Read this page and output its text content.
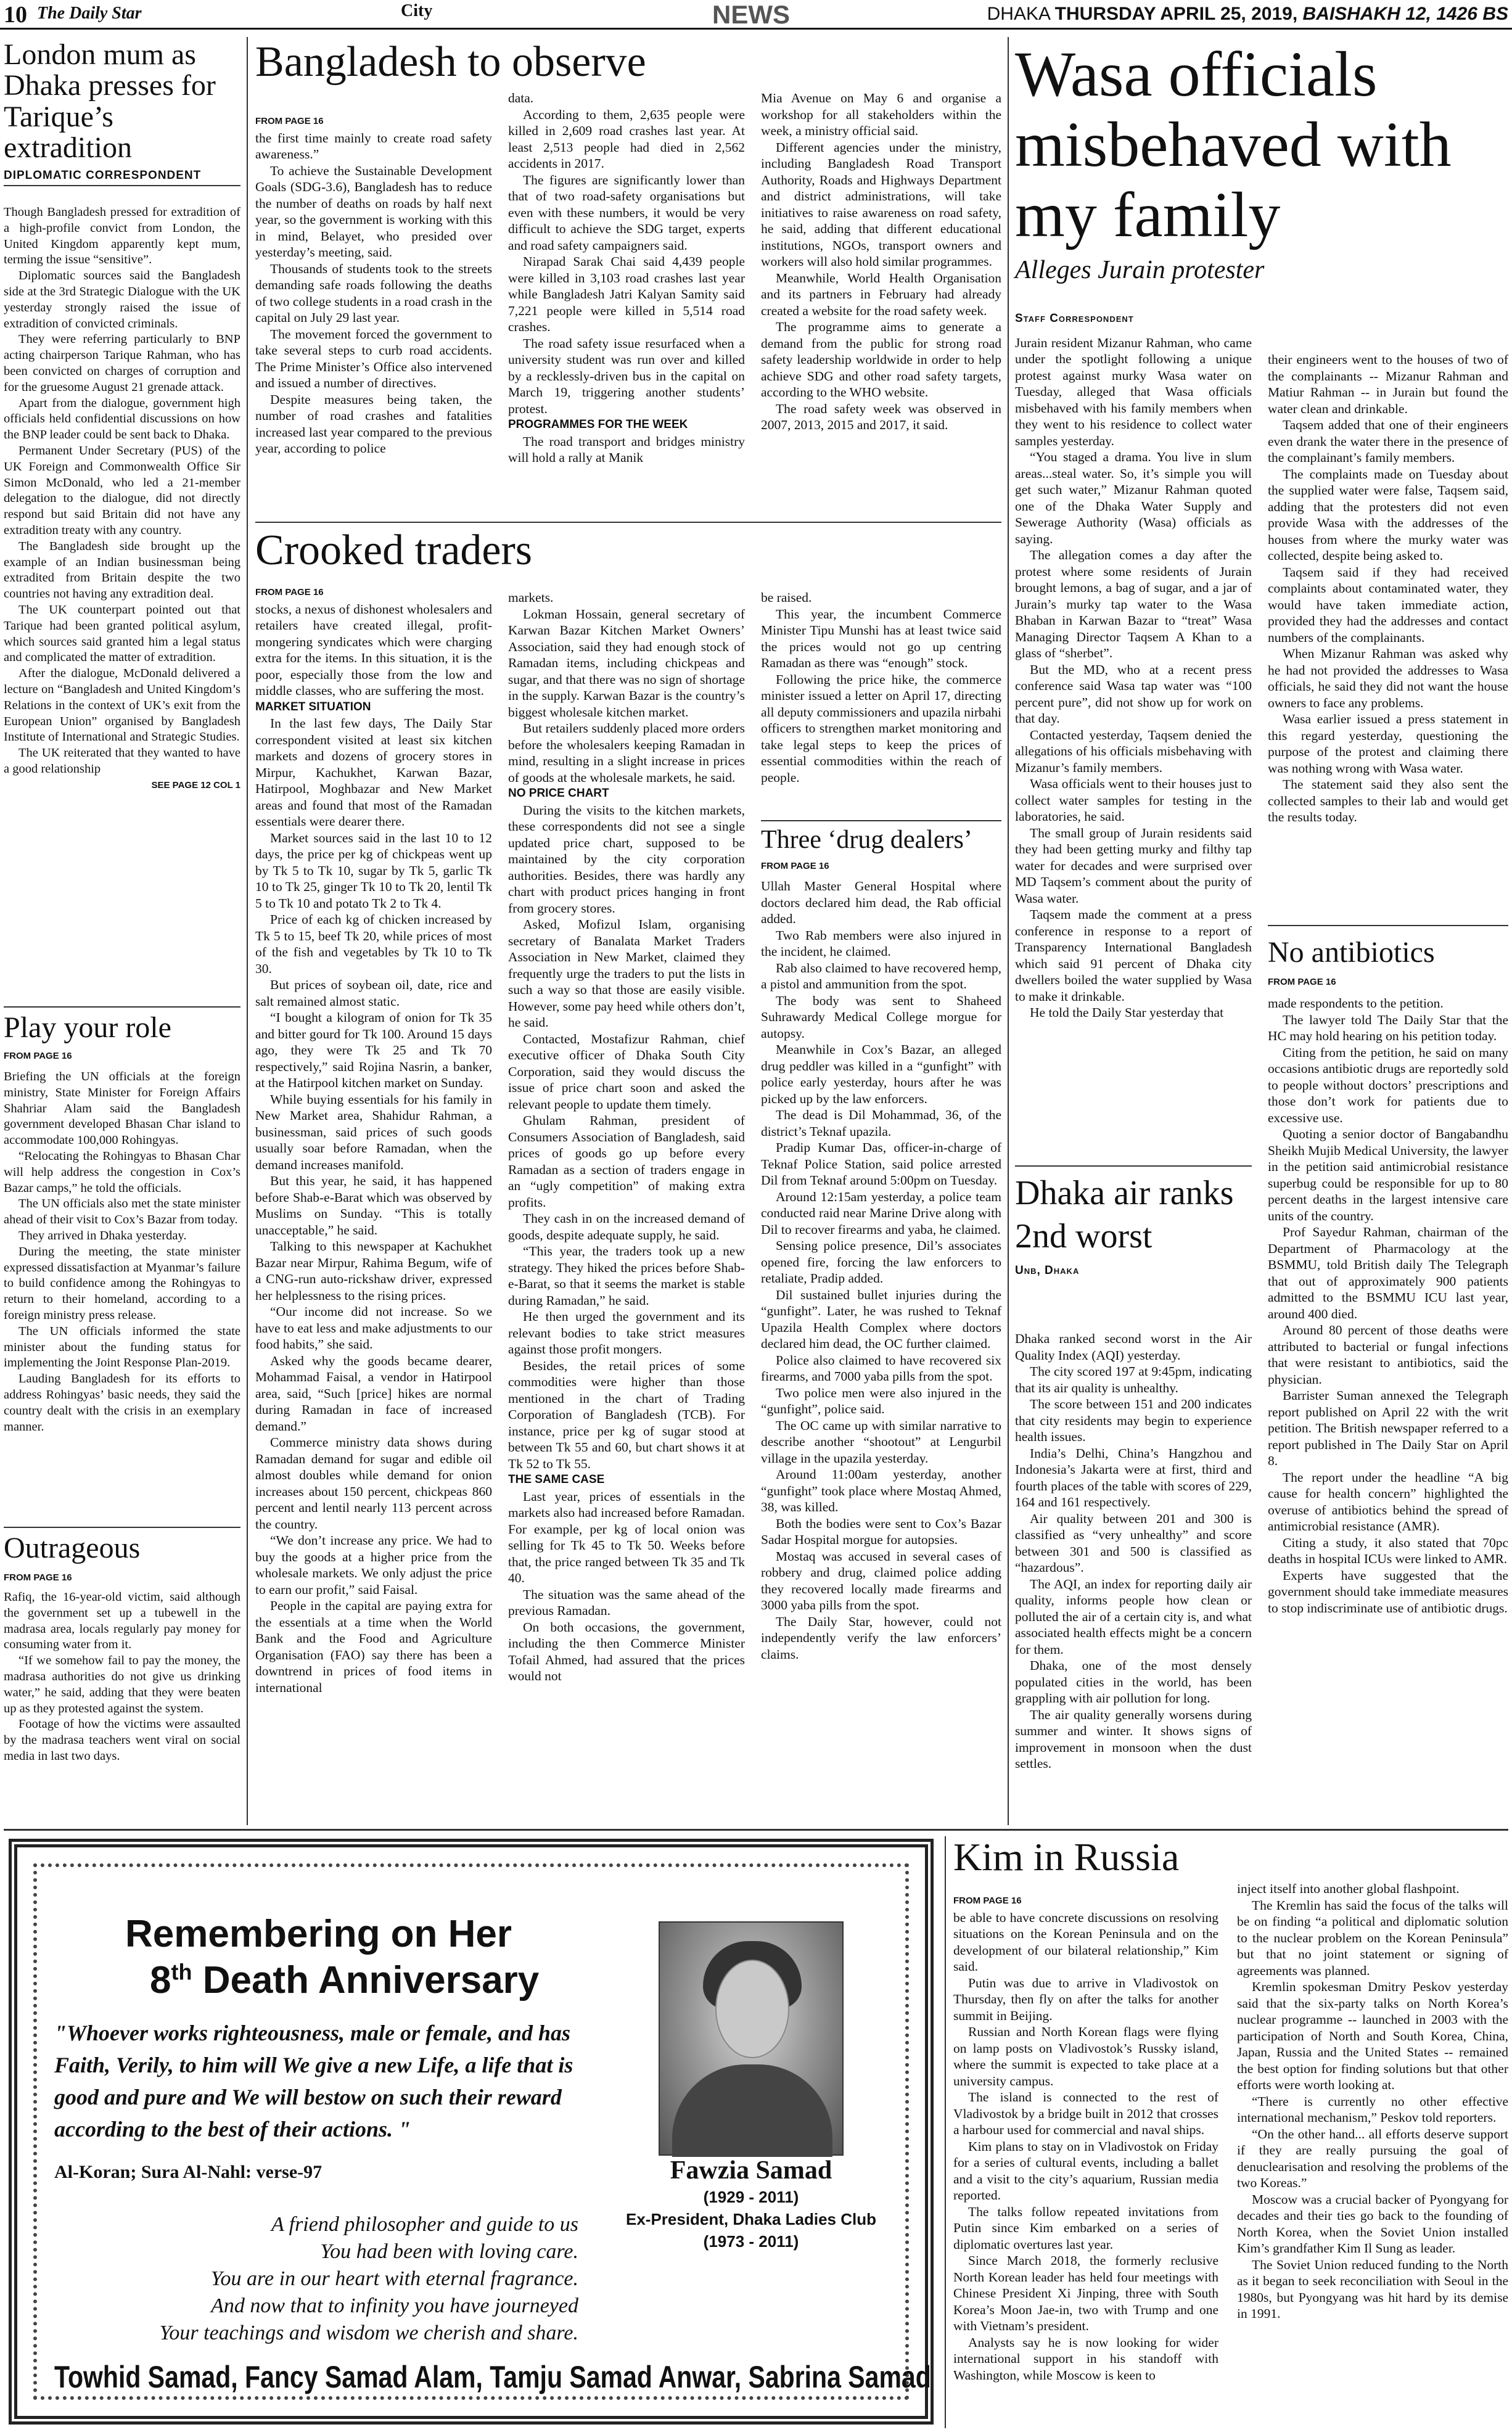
10 The Daily Star	City	NEWS	DHAKA THURSDAY APRIL 25, 2019, BAISHAKH 12, 1426 BS
London mum as Dhaka presses for Tarique’s extradition
DIPLOMATIC CORRESPONDENT

Though Bangladesh pressed for extradition of a high-profile convict from London, the United Kingdom apparently kept mum, terming the issue “sensitive”.

Diplomatic sources said the Bangladesh side at the 3rd Strategic Dialogue with the UK yesterday strongly raised the issue of extradition of convicted criminals.

They were referring particularly to BNP acting chairperson Tarique Rahman, who has been convicted on charges of corruption and for the gruesome August 21 grenade attack.

Apart from the dialogue, government high officials held confidential discussions on how the BNP leader could be sent back to Dhaka.

Permanent Under Secretary (PUS) of the UK Foreign and Commonwealth Office Sir Simon McDonald, who led a 21-member delegation to the dialogue, did not directly respond but said Britain did not have any extradition treaty with any country.

The Bangladesh side brought up the example of an Indian businessman being extradited from Britain despite the two countries not having any extradition deal.

The UK counterpart pointed out that Tarique had been granted political asylum, which sources said granted him a legal status and complicated the matter of extradition.

After the dialogue, McDonald delivered a lecture on “Bangladesh and United Kingdom’s Relations in the context of UK’s exit from the European Union” organised by Bangladesh Institute of International and Strategic Studies.

The UK reiterated that they wanted to have a good relationship

SEE PAGE 12 COL 1
Play your role
FROM PAGE 16

Briefing the UN officials at the foreign ministry, State Minister for Foreign Affairs Shahriar Alam said the Bangladesh government developed Bhasan Char island to accommodate 100,000 Rohingyas.

“Relocating the Rohingyas to Bhasan Char will help address the congestion in Cox’s Bazar camps,” he told the officials.

The UN officials also met the state minister ahead of their visit to Cox’s Bazar from today.

They arrived in Dhaka yesterday.

During the meeting, the state minister expressed dissatisfaction at Myanmar’s failure to build confidence among the Rohingyas to return to their homeland, according to a foreign ministry press release.

The UN officials informed the state minister about the funding status for implementing the Joint Response Plan-2019.

Lauding Bangladesh for its efforts to address Rohingyas’ basic needs, they said the country dealt with the crisis in an exemplary manner.

Outrageous
FROM PAGE 16

Rafiq, the 16-year-old victim, said although the government set up a tubewell in the madrasa area, locals regularly pay money for consuming water from it.

“If we somehow fail to pay the money, the madrasa authorities do not give us drinking water,” he said, adding that they were beaten up as they protested against the system.

Footage of how the victims were assaulted by the madrasa teachers went viral on social media in last two days.

Bangladesh to observe
FROM PAGE 16

the first time mainly to create road safety awareness.”

To achieve the Sustainable Development Goals (SDG-3.6), Bangladesh has to reduce the number of deaths on roads by half next year, so the government is working with this in mind, Belayet, who presided over yesterday’s meeting, said.

Thousands of students took to the streets demanding safe roads following the deaths of two college students in a road crash in the capital on July 29 last year.

The movement forced the government to take several steps to curb road accidents. The Prime Minister’s Office also intervened and issued a number of directives.

Despite measures being taken, the number of road crashes and fatalities increased last year compared to the previous year, according to police

data.

According to them, 2,635 people were killed in 2,609 road crashes last year. At least 2,513 people had died in 2,562 accidents in 2017.

The figures are significantly lower than that of two road-safety organisations but even with these numbers, it would be very difficult to achieve the SDG target, experts and road safety campaigners said.

Nirapad Sarak Chai said 4,439 people were killed in 3,103 road crashes last year while Bangladesh Jatri Kalyan Samity said 7,221 people were killed in 5,514 road crashes.

The road safety issue resurfaced when a university student was run over and killed by a recklessly-driven bus in the capital on March 19, triggering another students’ protest.

PROGRAMMES FOR THE WEEK

The road transport and bridges ministry will hold a rally at Manik

Mia Avenue on May 6 and organise a workshop for all stakeholders within the week, a ministry official said.

Different agencies under the ministry, including Bangladesh Road Transport Authority, Roads and Highways Department and district administrations, will take initiatives to raise awareness on road safety, he said, adding that different educational institutions, NGOs, transport owners and workers will also hold similar programmes.

Meanwhile, World Health Organisation and its partners in February had already created a website for the road safety week.

The programme aims to generate a demand from the public for strong road safety leadership worldwide in order to help achieve SDG and other road safety targets, according to the WHO website.

The road safety week was observed in 2007, 2013, 2015 and 2017, it said.

Crooked traders
FROM PAGE 16

stocks, a nexus of dishonest wholesalers and retailers have created illegal, profit-mongering syndicates which were charging extra for the items. In this situation, it is the poor, especially those from the low and middle classes, who are suffering the most.

MARKET SITUATION

In the last few days, The Daily Star correspondent visited at least six kitchen markets and dozens of grocery stores in Mirpur, Kachukhet, Karwan Bazar, Hatirpool, Moghbazar and New Market areas and found that most of the Ramadan essentials were dearer there.

Market sources said in the last 10 to 12 days, the price per kg of chickpeas went up by Tk 5 to Tk 10, sugar by Tk 5, garlic Tk 10 to Tk 25, ginger Tk 10 to Tk 20, lentil Tk 5 to Tk 10 and potato Tk 2 to Tk 4.

Price of each kg of chicken increased by Tk 5 to 15, beef Tk 20, while prices of most of the fish and vegetables by Tk 10 to Tk 30.

But prices of soybean oil, date, rice and salt remained almost static.

“I bought a kilogram of onion for Tk 35 and bitter gourd for Tk 100. Around 15 days ago, they were Tk 25 and Tk 70 respectively,” said Rojina Nasrin, a banker, at the Hatirpool kitchen market on Sunday.

While buying essentials for his family in New Market area, Shahidur Rahman, a businessman, said prices of such goods usually soar before Ramadan, when the demand increases manifold.

But this year, he said, it has happened before Shab-e-Barat which was observed by Muslims on Sunday. “This is totally unacceptable,” he said.

Talking to this newspaper at Kachukhet Bazar near Mirpur, Rahima Begum, wife of a CNG-run auto-rickshaw driver, expressed her helplessness to the rising prices.

“Our income did not increase. So we have to eat less and make adjustments to our food habits,” she said.

Asked why the goods became dearer, Mohammad Faisal, a vendor in Hatirpool area, said, “Such [price] hikes are normal during Ramadan in face of increased demand.”

Commerce ministry data shows during Ramadan demand for sugar and edible oil almost doubles while demand for onion increases about 150 percent, chickpeas 860 percent and lentil nearly 113 percent across the country.

“We don’t increase any price. We had to buy the goods at a higher price from the wholesale markets. We only adjust the price to earn our profit,” said Faisal.

People in the capital are paying extra for the essentials at a time when the World Bank and the Food and Agriculture Organisation (FAO) say there has been a downtrend in prices of food items in international

markets.

Lokman Hossain, general secretary of Karwan Bazar Kitchen Market Owners’ Association, said they had enough stock of Ramadan items, including chickpeas and sugar, and that there was no sign of shortage in the supply. Karwan Bazar is the country’s biggest wholesale kitchen market.

But retailers suddenly placed more orders before the wholesalers keeping Ramadan in mind, resulting in a slight increase in prices of goods at the wholesale markets, he said.

NO PRICE CHART

During the visits to the kitchen markets, these correspondents did not see a single updated price chart, supposed to be maintained by the city corporation authorities. Besides, there was hardly any chart with product prices hanging in front from grocery stores.

Asked, Mofizul Islam, organising secretary of Banalata Market Traders Association in New Market, claimed they frequently urge the traders to put the lists in such a way so that those are easily visible. However, some pay heed while others don’t, he said.

Contacted, Mostafizur Rahman, chief executive officer of Dhaka South City Corporation, said they would discuss the issue of price chart soon and asked the relevant people to update them timely.

Ghulam Rahman, president of Consumers Association of Bangladesh, said prices of goods go up before every Ramadan as a section of traders engage in an “ugly competition” of making extra profits.

They cash in on the increased demand of goods, despite adequate supply, he said.

“This year, the traders took up a new strategy. They hiked the prices before Shab-e-Barat, so that it seems the market is stable during Ramadan,” he said.

He then urged the government and its relevant bodies to take strict measures against those profit mongers.

Besides, the retail prices of some commodities were higher than those mentioned in the chart of Trading Corporation of Bangladesh (TCB). For instance, price per kg of sugar stood at between Tk 55 and 60, but chart shows it at Tk 52 to Tk 55.

THE SAME CASE

Last year, prices of essentials in the markets also had increased before Ramadan. For example, per kg of local onion was selling for Tk 45 to Tk 50. Weeks before that, the price ranged between Tk 35 and Tk 40.

The situation was the same ahead of the previous Ramadan.

On both occasions, the government, including the then Commerce Minister Tofail Ahmed, had assured that the prices would not

be raised.

This year, the incumbent Commerce Minister Tipu Munshi has at least twice said the prices would not go up centring Ramadan as there was “enough” stock.

Following the price hike, the commerce minister issued a letter on April 17, directing all deputy commissioners and upazila nirbahi officers to strengthen market monitoring and take legal steps to keep the prices of essential commodities within the reach of people.

Three ‘drug dealers’
FROM PAGE 16

Ullah Master General Hospital where doctors declared him dead, the Rab official added.

Two Rab members were also injured in the incident, he claimed.

Rab also claimed to have recovered hemp, a pistol and ammunition from the spot.

The body was sent to Shaheed Suhrawardy Medical College morgue for autopsy.

Meanwhile in Cox’s Bazar, an alleged drug peddler was killed in a “gunfight” with police early yesterday, hours after he was picked up by the law enforcers.

The dead is Dil Mohammad, 36, of the district’s Teknaf upazila.

Pradip Kumar Das, officer-in-charge of Teknaf Police Station, said police arrested Dil from Teknaf around 5:00pm on Tuesday.

Around 12:15am yesterday, a police team conducted raid near Marine Drive along with Dil to recover firearms and yaba, he claimed.

Sensing police presence, Dil’s associates opened fire, forcing the law enforcers to retaliate, Pradip added.

Dil sustained bullet injuries during the “gunfight”. Later, he was rushed to Teknaf Upazila Health Complex where doctors declared him dead, the OC further claimed.

Police also claimed to have recovered six firearms, and 7000 yaba pills from the spot.

Two police men were also injured in the “gunfight”, police said.

The OC came up with similar narrative to describe another “shootout” at Lengurbil village in the upazila yesterday.

Around 11:00am yesterday, another “gunfight” took place where Mostaq Ahmed, 38, was killed.

Both the bodies were sent to Cox’s Bazar Sadar Hospital morgue for autopsies.

Mostaq was accused in several cases of robbery and drug, claimed police adding they recovered locally made firearms and 3000 yaba pills from the spot.

The Daily Star, however, could not independently verify the law enforcers’ claims.

Wasa officials misbehaved with my family
Alleges Jurain protester
Staff Correspondent

Jurain resident Mizanur Rahman, who came under the spotlight following a unique protest against murky Wasa water on Tuesday, alleged that Wasa officials misbehaved with his family members when they went to his residence to collect water samples yesterday.

“You staged a drama. You live in slum areas...steal water. So, it’s simple you will get such water,” Mizanur Rahman quoted one of the Dhaka Water Supply and Sewerage Authority (Wasa) officials as saying.

The allegation comes a day after the protest where some residents of Jurain brought lemons, a bag of sugar, and a jar of Jurain’s murky tap water to the Wasa Bhaban in Karwan Bazar to “treat” Wasa Managing Director Taqsem A Khan to a glass of “sherbet”.

But the MD, who at a recent press conference said Wasa tap water was “100 percent pure”, did not show up for work on that day.

Contacted yesterday, Taqsem denied the allegations of his officials misbehaving with Mizanur’s family members.

Wasa officials went to their houses just to collect water samples for testing in the laboratories, he said.

The small group of Jurain residents said they had been getting murky and filthy tap water for decades and were surprised over MD Taqsem’s comment about the purity of Wasa water.

Taqsem made the comment at a press conference in response to a report of Transparency International Bangladesh which said 91 percent of Dhaka city dwellers boiled the water supplied by Wasa to make it drinkable.

He told the Daily Star yesterday that

their engineers went to the houses of two of the complainants -- Mizanur Rahman and Matiur Rahman -- in Jurain but found the water clean and drinkable.

Taqsem added that one of their engineers even drank the water there in the presence of the complainant’s family members.

The complaints made on Tuesday about the supplied water were false, Taqsem said, adding that the protesters did not even provide Wasa with the addresses of the houses from where the murky water was collected, despite being asked to.

Taqsem said if they had received complaints about contaminated water, they would have taken immediate action, provided they had the addresses and contact numbers of the complainants.

When Mizanur Rahman was asked why he had not provided the addresses to Wasa officials, he said they did not want the house owners to face any problems.

Wasa earlier issued a press statement in this regard yesterday, questioning the purpose of the protest and claiming there was nothing wrong with Wasa water.

The statement said they also sent the collected samples to their lab and would get the results today.

Dhaka air ranks 2nd worst
Unb, Dhaka

Dhaka ranked second worst in the Air Quality Index (AQI) yesterday.

The city scored 197 at 9:45pm, indicating that its air quality is unhealthy.

The score between 151 and 200 indicates that city residents may begin to experience health issues.

India’s Delhi, China’s Hangzhou and Indonesia’s Jakarta were at first, third and fourth places of the table with scores of 229, 164 and 161 respectively.

Air quality between 201 and 300 is classified as “very unhealthy” and score between 301 and 500 is classified as “hazardous”.

The AQI, an index for reporting daily air quality, informs people how clean or polluted the air of a certain city is, and what associated health effects might be a concern for them.

Dhaka, one of the most densely populated cities in the world, has been grappling with air pollution for long.

The air quality generally worsens during summer and winter. It shows signs of improvement in monsoon when the dust settles.

No antibiotics
FROM PAGE 16

made respondents to the petition.

The lawyer told The Daily Star that the HC may hold hearing on his petition today.

Citing from the petition, he said on many occasions antibiotic drugs are reportedly sold to people without doctors’ prescriptions and those don’t work for patients due to excessive use.

Quoting a senior doctor of Bangabandhu Sheikh Mujib Medical University, the lawyer in the petition said antimicrobial resistance superbug could be responsible for up to 80 percent deaths in the largest intensive care units of the country.

Prof Sayedur Rahman, chairman of the Department of Pharmacology at the BSMMU, told British daily The Telegraph that out of approximately 900 patients admitted to the BSMMU ICU last year, around 400 died.

Around 80 percent of those deaths were attributed to bacterial or fungal infections that were resistant to antibiotics, said the physician.

Barrister Suman annexed the Telegraph report published on April 22 with the writ petition. The British newspaper referred to a report published in The Daily Star on April 8.

The report under the headline “A big cause for health concern” highlighted the overuse of antibiotics behind the spread of antimicrobial resistance (AMR).

Citing a study, it also stated that 70pc deaths in hospital ICUs were linked to AMR.

Experts have suggested that the government should take immediate measures to stop indiscriminate use of antibiotic drugs.

Remembering on Her
8th Death Anniversary
"Whoever works righteousness, male or female, and has Faith, Verily, to him will We give a new Life, a life that is good and pure and We will bestow on such their reward according to the best of their actions. "
Al-Koran; Sura Al-Nahl: verse-97
A friend philosopher and guide to us
You had been with loving care.
You are in our heart with eternal fragrance.
And now that to infinity you have journeyed
Your teachings and wisdom we cherish and share.
Fawzia Samad
(1929 - 2011)
Ex-President, Dhaka Ladies Club
(1973 - 2011)
Towhid Samad, Fancy Samad Alam, Tamju Samad Anwar, Sabrina Samad
Kim in Russia
FROM PAGE 16

be able to have concrete discussions on resolving situations on the Korean Peninsula and on the development of our bilateral relationship,” Kim said.

Putin was due to arrive in Vladivostok on Thursday, then fly on after the talks for another summit in Beijing.

Russian and North Korean flags were flying on lamp posts on Vladivostok’s Russky island, where the summit is expected to take place at a university campus.

The island is connected to the rest of Vladivostok by a bridge built in 2012 that crosses a harbour used for commercial and naval ships.

Kim plans to stay on in Vladivostok on Friday for a series of cultural events, including a ballet and a visit to the city’s aquarium, Russian media reported.

The talks follow repeated invitations from Putin since Kim embarked on a series of diplomatic overtures last year.

Since March 2018, the formerly reclusive North Korean leader has held four meetings with Chinese President Xi Jinping, three with South Korea’s Moon Jae-in, two with Trump and one with Vietnam’s president.

Analysts say he is now looking for wider international support in his standoff with Washington, while Moscow is keen to

inject itself into another global flashpoint.

The Kremlin has said the focus of the talks will be on finding “a political and diplomatic solution to the nuclear problem on the Korean Peninsula” but that no joint statement or signing of agreements was planned.

Kremlin spokesman Dmitry Peskov yesterday said that the six-party talks on North Korea’s nuclear programme -- launched in 2003 with the participation of North and South Korea, China, Japan, Russia and the United States -- remained the best option for finding solutions but that other efforts were worth looking at.

“There is currently no other effective international mechanism,” Peskov told reporters.

“On the other hand... all efforts deserve support if they are really pursuing the goal of denuclearisation and resolving the problems of the two Koreas.”

Moscow was a crucial backer of Pyongyang for decades and their ties go back to the founding of North Korea, when the Soviet Union installed Kim’s grandfather Kim Il Sung as leader.

The Soviet Union reduced funding to the North as it began to seek reconciliation with Seoul in the 1980s, but Pyongyang was hit hard by its demise in 1991.
